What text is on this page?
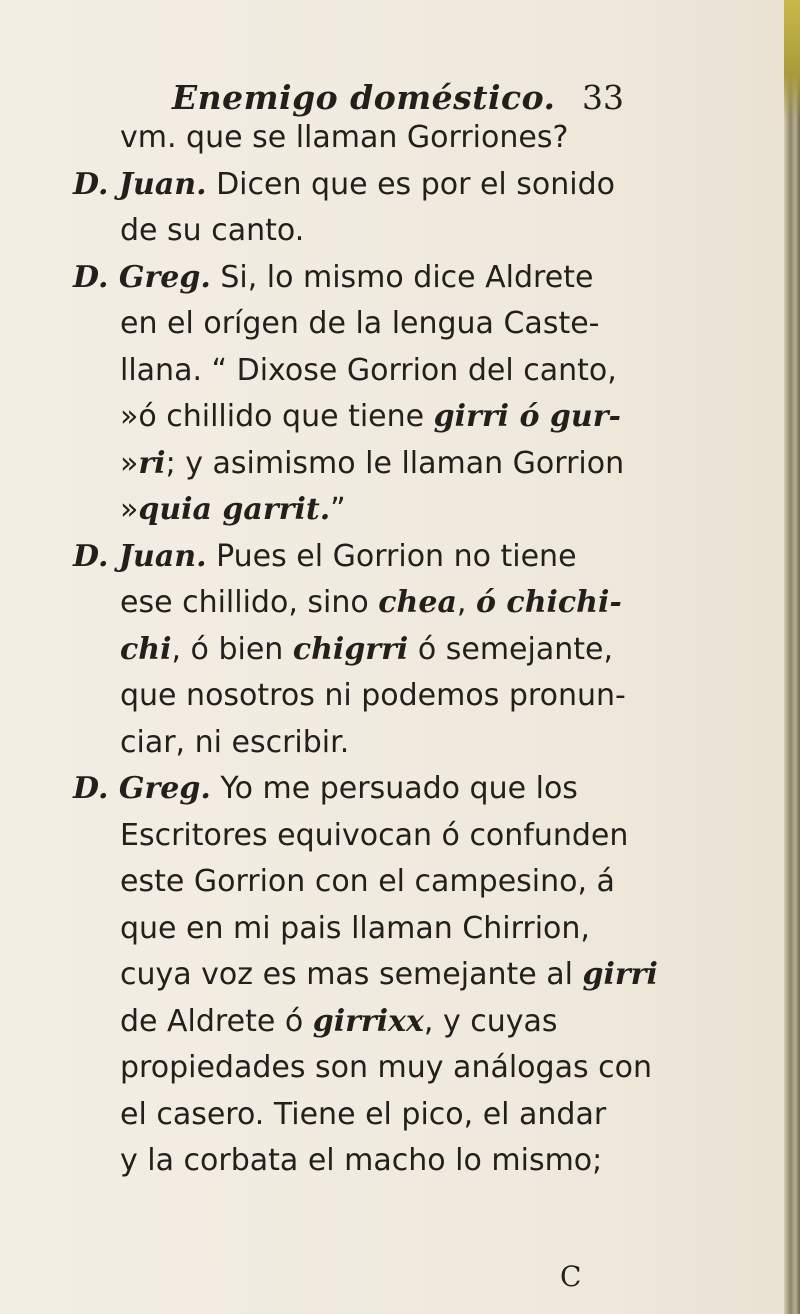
Enemigo doméstico. 33
vm. que se llaman Gorriones?
D. Juan. Dicen que es por el sonido
de su canto.
D. Greg. Si, lo mismo dice Aldrete
en el orígen de la lengua Caste-
llana. “ Dixose Gorrion del canto,
»ó chillido que tiene girri ó gur-
»ri; y asimismo le llaman Gorrion
»quia garrit.”
D. Juan. Pues el Gorrion no tiene
ese chillido, sino chea, ó chichi-
chi, ó bien chigrri ó semejante,
que nosotros ni podemos pronun-
ciar, ni escribir.
D. Greg. Yo me persuado que los
Escritores equivocan ó confunden
este Gorrion con el campesino, á
que en mi pais llaman Chirrion,
cuya voz es mas semejante al girri
de Aldrete ó girrixx, y cuyas
propiedades son muy análogas con
el casero. Tiene el pico, el andar
y la corbata el macho lo mismo;
C
